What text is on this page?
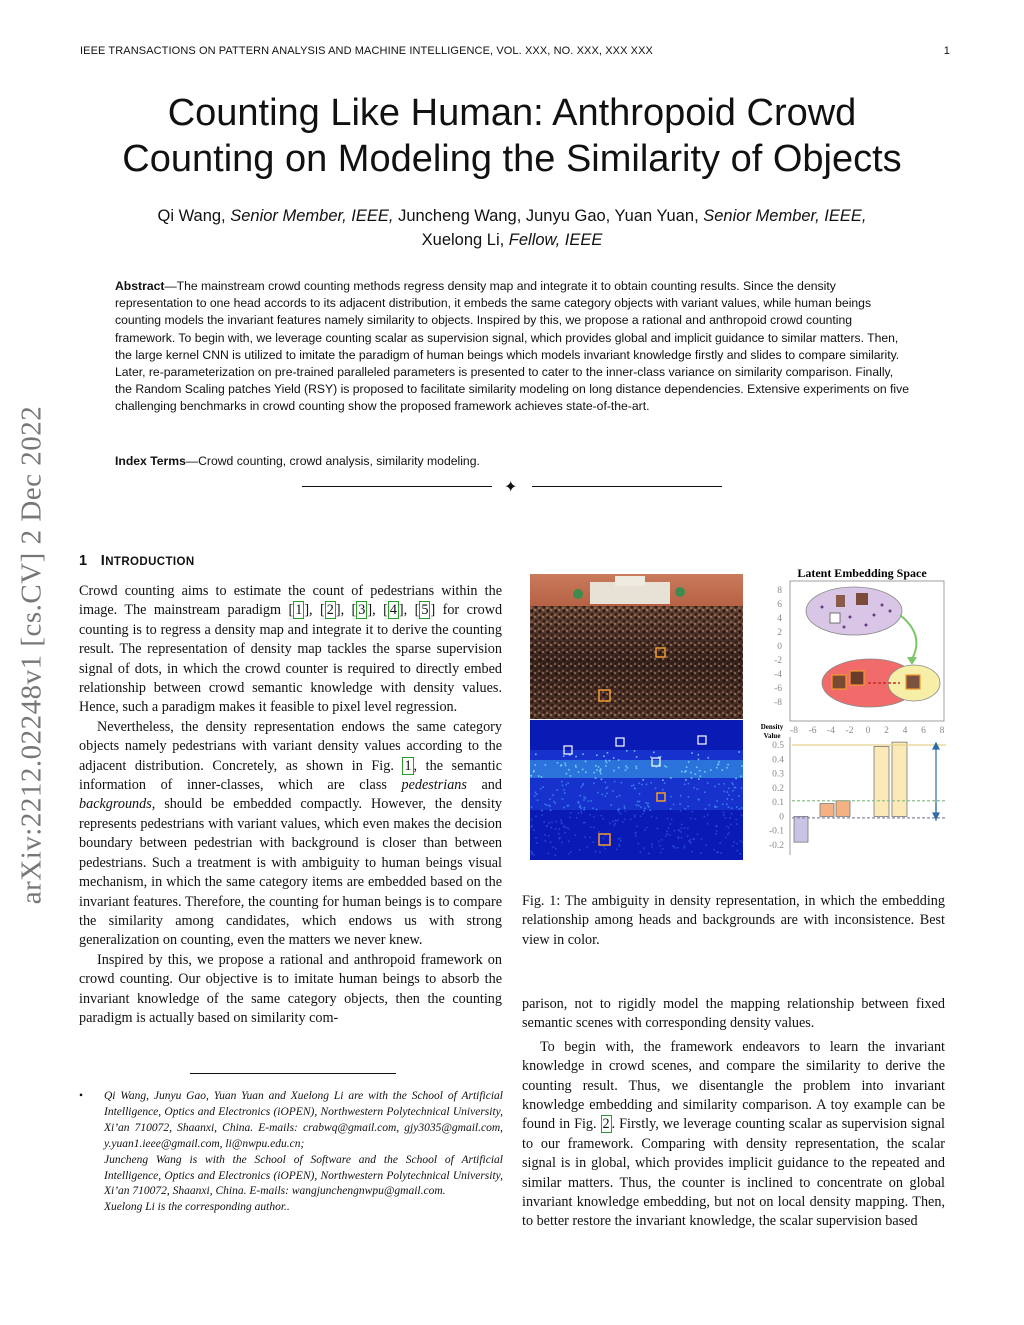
IEEE TRANSACTIONS ON PATTERN ANALYSIS AND MACHINE INTELLIGENCE, VOL. XXX, NO. XXX, XXX XXX	1
Counting Like Human: Anthropoid Crowd
Counting on Modeling the Similarity of Objects
Qi Wang, Senior Member, IEEE, Juncheng Wang, Junyu Gao, Yuan Yuan, Senior Member, IEEE,
Xuelong Li, Fellow, IEEE
Abstract—The mainstream crowd counting methods regress density map and integrate it to obtain counting results. Since the density representation to one head accords to its adjacent distribution, it embeds the same category objects with variant values, while human beings counting models the invariant features namely similarity to objects. Inspired by this, we propose a rational and anthropoid crowd counting framework. To begin with, we leverage counting scalar as supervision signal, which provides global and implicit guidance to similar matters. Then, the large kernel CNN is utilized to imitate the paradigm of human beings which models invariant knowledge firstly and slides to compare similarity. Later, re-parameterization on pre-trained paralleled parameters is presented to cater to the inner-class variance on similarity comparison. Finally, the Random Scaling patches Yield (RSY) is proposed to facilitate similarity modeling on long distance dependencies. Extensive experiments on five challenging benchmarks in crowd counting show the proposed framework achieves state-of-the-art.
Index Terms—Crowd counting, crowd analysis, similarity modeling.
✦
arXiv:2212.02248v1 [cs.CV] 2 Dec 2022 1 INTRODUCTION

Crowd counting aims to estimate the count of pedestrians within the image. The mainstream paradigm [ 1 ], [ 2 ], [ 3 ], [ 4 ], [ 5 ] for crowd counting is to regress a density map and integrate it to derive the counting result. The representation of density map tackles the sparse supervision signal of dots, in which the crowd counter is required to directly embed relationship between crowd semantic knowledge with density values. Hence, such a paradigm makes it feasible to pixel level regression.

Nevertheless, the density representation endows the same category objects namely pedestrians with variant density values according to the adjacent distribution. Concretely, as shown in Fig. 1 , the semantic information of inner-classes, which are class pedestrians and backgrounds, should be embedded compactly. However, the density represents pedestrians with variant values, which even makes the decision boundary between pedestrian with background is closer than between pedestrians. Such a treatment is with ambiguity to human beings visual mechanism, in which the same category items are embedded based on the invariant features. Therefore, the counting for human beings is to compare the similarity among candidates, which endows us with strong generalization on counting, even the matters we never knew.

Inspired by this, we propose a rational and anthropoid framework on crowd counting. Our objective is to imitate human beings to absorb the invariant knowledge of the same category objects, then the counting paradigm is actually based on similarity com-

• Qi Wang, Junyu Gao, Yuan Yuan and Xuelong Li are with the School of Artificial Intelligence, Optics and Electronics (iOPEN), Northwestern Polytechnical University, Xi’an 710072, Shaanxi, China. E-mails: crabwq@gmail.com, gjy3035@gmail.com, y.yuan1.ieee@gmail.com, li@nwpu.edu.cn;
Juncheng Wang is with the School of Software and the School of Artificial Intelligence, Optics and Electronics (iOPEN), Northwestern Polytechnical University, Xi’an 710072, Shaanxi, China. E-mails: wangjunchengnwpu@gmail.com.
Xuelong Li is the corresponding author..
Latent Embedding Space
8
6
4
2
0
-2
-4
-6
-8
-8 -6 -4 -2 0 2 4 6 8
Density
Value
0.5
0.4
0.3
0.2
0.1
0
-0.1
-0.2
Fig. 1: The ambiguity in density representation, in which the embedding relationship among heads and backgrounds are with inconsistence. Best view in color.

parison, not to rigidly model the mapping relationship between fixed semantic scenes with corresponding density values.

To begin with, the framework endeavors to learn the invariant knowledge in crowd scenes, and compare the similarity to derive the counting result. Thus, we disentangle the problem into invariant knowledge embedding and similarity comparison. A toy example can be found in Fig. 2 . Firstly, we leverage counting scalar as supervision signal to our framework. Comparing with density representation, the scalar signal is in global, which provides implicit guidance to the repeated and similar matters. Thus, the counter is inclined to concentrate on global invariant knowledge embedding, but not on local density mapping. Then, to better restore the invariant knowledge, the scalar supervision based
